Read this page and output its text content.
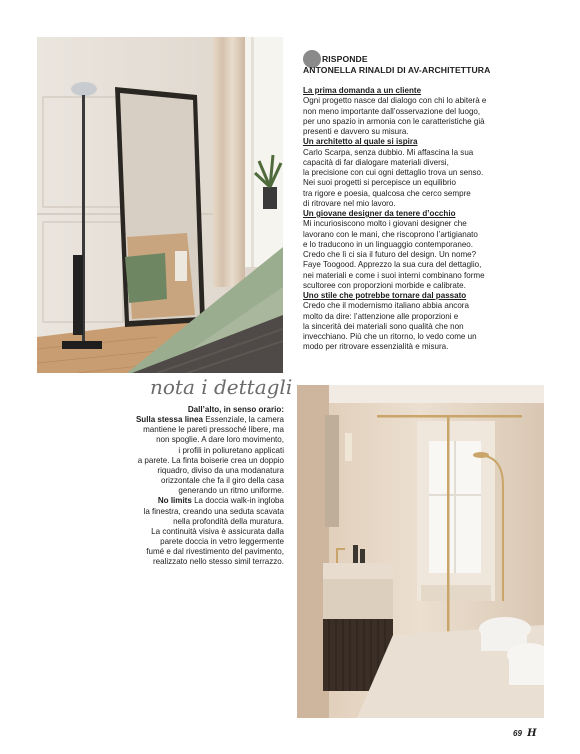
RISPONDE
ANTONELLA RINALDI DI AV-ARCHITETTURA
La prima domanda a un cliente
Ogni progetto nasce dal dialogo con chi lo abiterà e
non meno importante dall’osservazione del luogo,
per uno spazio in armonia con le caratteristiche già
presenti e davvero su misura.
Un architetto al quale si ispira
Carlo Scarpa, senza dubbio. Mi affascina la sua
capacità di far dialogare materiali diversi,
la precisione con cui ogni dettaglio trova un senso.
Nei suoi progetti si percepisce un equilibrio
tra rigore e poesia, qualcosa che cerco sempre
di ritrovare nel mio lavoro.
Un giovane designer da tenere d’occhio
Mi incuriosiscono molto i giovani designer che
lavorano con le mani, che riscoprono l’artigianato
e lo traducono in un linguaggio contemporaneo.
Credo che lì ci sia il futuro del design. Un nome?
Faye Toogood. Apprezzo la sua cura del dettaglio,
nei materiali e come i suoi interni combinano forme
scultoree con proporzioni morbide e calibrate.
Uno stile che potrebbe tornare dal passato
Credo che il modernismo italiano abbia ancora
molto da dire: l’attenzione alle proporzioni e
la sincerità dei materiali sono qualità che non
invecchiano. Più che un ritorno, lo vedo come un
modo per ritrovare essenzialità e misura.
nota i dettagli
Dall’alto, in senso orario:
Sulla stessa linea Essenziale, la camera
mantiene le pareti pressoché libere, ma
non spoglie. A dare loro movimento,
i profili in poliuretano applicati
a parete. La finta boiserie crea un doppio
riquadro, diviso da una modanatura
orizzontale che fa il giro della casa
generando un ritmo uniforme.
No limits La doccia walk-in ingloba
la finestra, creando una seduta scavata
nella profondità della muratura.
La continuità visiva è assicurata dalla
parete doccia in vetro leggermente
fumé e dal rivestimento del pavimento,
realizzato nello stesso simil terrazzo.
69 H
